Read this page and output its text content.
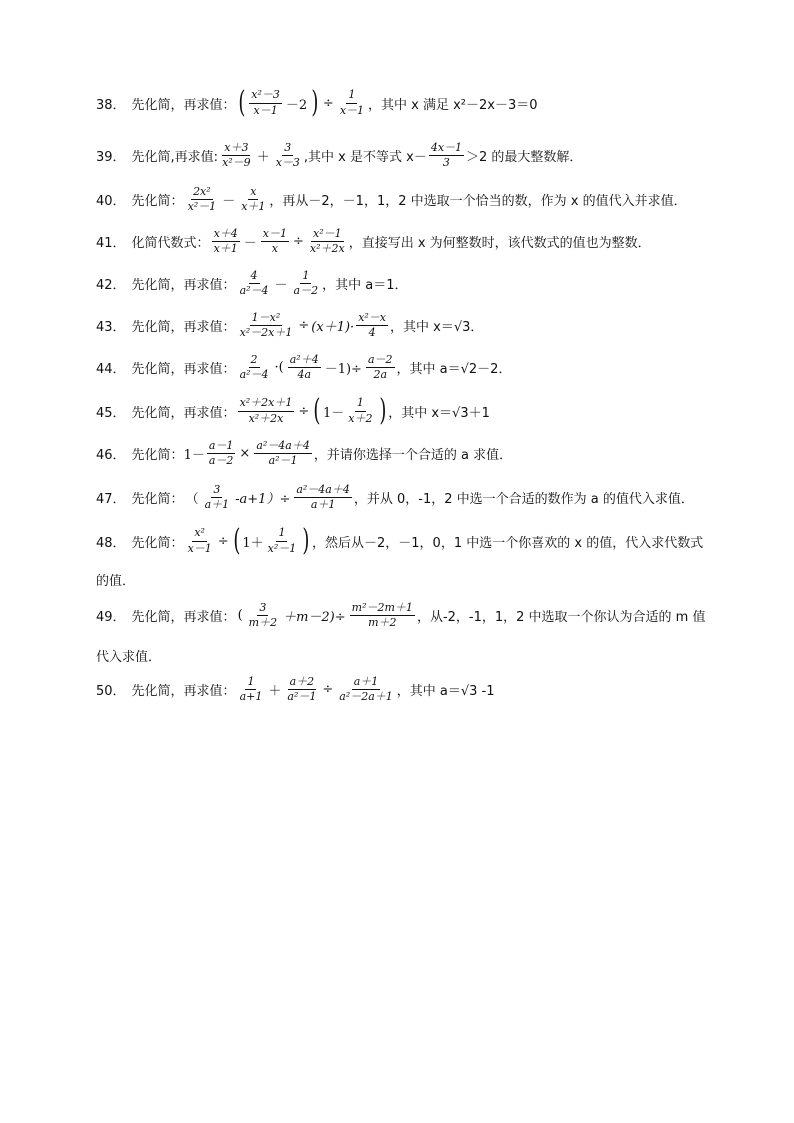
38． 先化简，再求值： ( $\frac{\text{x²－3}}{x-1} -2$ ) ÷ $\frac{1}{x-1}$ ，其中 x 满足 x²－2x－3＝0
39． 先化简,再求值: $\frac{x+3}{\text{x²－9}} + \frac{3}{x-3}$ ,其中 x 是不等式 $x- \frac{4x-1}{3} >2$ 的最大整数解．
40． 先化简： $\frac{\text{2x²}}{\text{x²－1}} - \frac{x}{x+1}$ ，再从－2，－1，1，2 中选取一个恰当的数，作为 x 的值代入并求值．
41． 化简代数式： $\frac{x+4}{x+1} - \frac{x-1}{x} \div \frac{\text{x²－1}}{\text{x²＋2x}}$ ，直接写出 x 为何整数时，该代数式的值也为整数．
42． 先化简，再求值： $\frac{4}{\text{a²－4}} - \frac{1}{a-2}$ ，其中 a＝1．
43． 先化简，再求值： $\frac{\text{1－x²}}{\text{x²－2x＋1}} \div (x+1)\cdot \frac{\text{x²－x}}{4}$ ，其中 x＝√3．
44． 先化简，再求值： $\frac{2}{\text{a²－4}}$ ·( $\frac{\text{a²＋4}}{4a} -1)\div \frac{a-2}{2a}$ ，其中 a＝√2－2．
45． 先化简，再求值： $\frac{\text{x²＋2x＋1}}{\text{x²＋2x}}$ ÷ ( $1- \frac{1}{x+2}$ ) ，其中 x＝√3＋1
46． 先化简： $1- \frac{a-1}{a-2} \times \frac{\text{a²－4a＋4}}{\text{a²－1}}$ ，并请你选择一个合适的 a 求值．
47． 先化简： （ $\frac{3}{a+1} -a+1)\div \frac{\text{a²－4a＋4}}{a+1}$ ，并从 0，-1，2 中选一个合适的数作为 a 的值代入求值．
48． 先化简： $\frac{\text{x²}}{x-1}$ ÷ ( $1+ \frac{1}{\text{x²－1}}$ ) ，然后从－2，－1，0，1 中选一个你喜欢的 x 的值，代入求代数式
的值．
49． 先化简，再求值： ( $\frac{3}{m+2} +m-2)\div \frac{\text{m²－2m＋1}}{m+2}$ ，从-2，-1，1，2 中选取一个你认为合适的 m 值
代入求值．
50． 先化简，再求值： $\frac{1}{a+1} + \frac{a+2}{\text{a²－1}} \div \frac{a+1}{\text{a²－2a＋1}}$ ，其中 a＝√3 -1
